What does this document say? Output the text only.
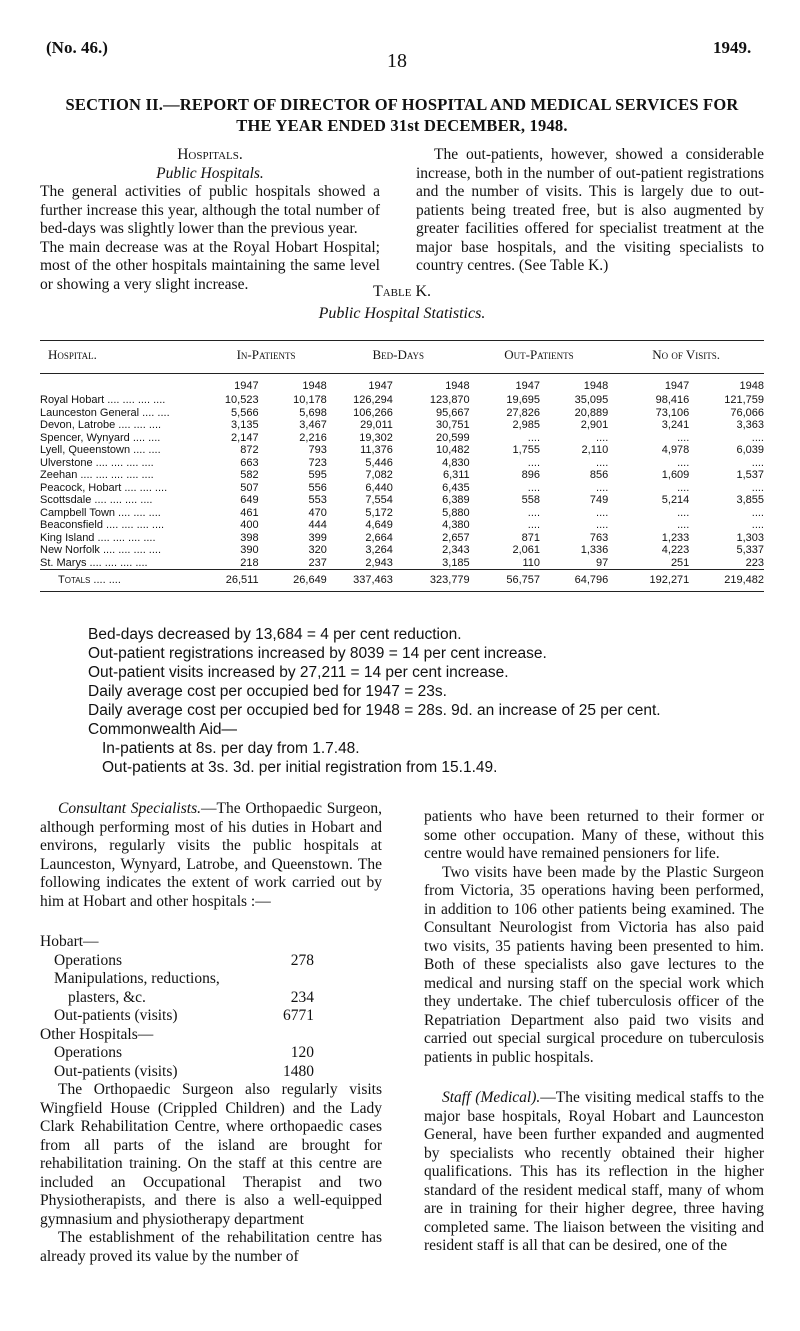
(No. 46.)
18
1949.
SECTION II.—REPORT OF DIRECTOR OF HOSPITAL AND MEDICAL SERVICES FOR
THE YEAR ENDED 31st DECEMBER, 1948.

Hospitals.

Public Hospitals.

The general activities of public hospitals showed a further increase this year, although the total number of bed-days was slightly lower than the previous year.

The main decrease was at the Royal Hobart Hospital; most of the other hospitals maintaining the same level or showing a very slight increase.

The out-patients, however, showed a considerable increase, both in the number of out-patient registrations and the number of visits. This is largely due to out-patients being treated free, but is also augmented by greater facilities offered for specialist treatment at the major base hospitals, and the visiting specialists to country centres. (See Table K.)

Table K.
Public Hospital Statistics.
Hospital.	In-Patients		Bed-Days		Out-Patients		No of Visits.	
	1947	1948	1947	1948	1947	1948	1947	1948
Royal Hobart .... .... .... ....	10,523	10,178	126,294	123,870	19,695	35,095	98,416	121,759
Launceston General .... ....	5,566	5,698	106,266	95,667	27,826	20,889	73,106	76,066
Devon, Latrobe .... .... ....	3,135	3,467	29,011	30,751	2,985	2,901	3,241	3,363
Spencer, Wynyard .... ....	2,147	2,216	19,302	20,599	....	....	....	....
Lyell, Queenstown .... ....	872	793	11,376	10,482	1,755	2,110	4,978	6,039
Ulverstone .... .... .... ....	663	723	5,446	4,830	....	....	....	....
Zeehan .... .... .... .... ....	582	595	7,082	6,311	896	856	1,609	1,537
Peacock, Hobart .... .... ....	507	556	6,440	6,435	....	....	....	....
Scottsdale .... .... .... ....	649	553	7,554	6,389	558	749	5,214	3,855
Campbell Town .... .... ....	461	470	5,172	5,880	....	....	....	....
Beaconsfield .... .... .... ....	400	444	4,649	4,380	....	....	....	....
King Island .... .... .... ....	398	399	2,664	2,657	871	763	1,233	1,303
New Norfolk .... .... .... ....	390	320	3,264	2,343	2,061	1,336	4,223	5,337
St. Marys .... .... .... ....	218	237	2,943	3,185	110	97	251	223
Totals .... ....	26,511	26,649	337,463	323,779	56,757	64,796	192,271	219,482
Bed-days decreased by 13,684 = 4 per cent reduction.
Out-patient registrations increased by 8039 = 14 per cent increase.
Out-patient visits increased by 27,211 = 14 per cent increase.
Daily average cost per occupied bed for 1947 = 23s.
Daily average cost per occupied bed for 1948 = 28s. 9d. an increase of 25 per cent.
Commonwealth Aid—
In-patients at 8s. per day from 1.7.48.
Out-patients at 3s. 3d. per initial registration from 15.1.49.

Consultant Specialists.—The Orthopaedic Surgeon, although performing most of his duties in Hobart and environs, regularly visits the public hospitals at Launceston, Wynyard, Latrobe, and Queenstown. The following indicates the extent of work carried out by him at Hobart and other hospitals :—

Hobart—
Operations	278
Manipulations, reductions,
plasters, &c.	234
Out-patients (visits)	6771
Other Hospitals—
Operations	120
Out-patients (visits)	1480

The Orthopaedic Surgeon also regularly visits Wingfield House (Crippled Children) and the Lady Clark Rehabilitation Centre, where orthopaedic cases from all parts of the island are brought for rehabilitation training. On the staff at this centre are included an Occupational Therapist and two Physiotherapists, and there is also a well-equipped gymnasium and physiotherapy department

The establishment of the rehabilitation centre has already proved its value by the number of

patients who have been returned to their former or some other occupation. Many of these, without this centre would have remained pensioners for life.

Two visits have been made by the Plastic Surgeon from Victoria, 35 operations having been performed, in addition to 106 other patients being examined. The Consultant Neurologist from Victoria has also paid two visits, 35 patients having been presented to him. Both of these specialists also gave lectures to the medical and nursing staff on the special work which they undertake. The chief tuberculosis officer of the Repatriation Department also paid two visits and carried out special surgical procedure on tuberculosis patients in public hospitals.

Staff (Medical).—The visiting medical staffs to the major base hospitals, Royal Hobart and Launceston General, have been further expanded and augmented by specialists who recently obtained their higher qualifications. This has its reflection in the higher standard of the resident medical staff, many of whom are in training for their higher degree, three having completed same. The liaison between the visiting and resident staff is all that can be desired, one of the
